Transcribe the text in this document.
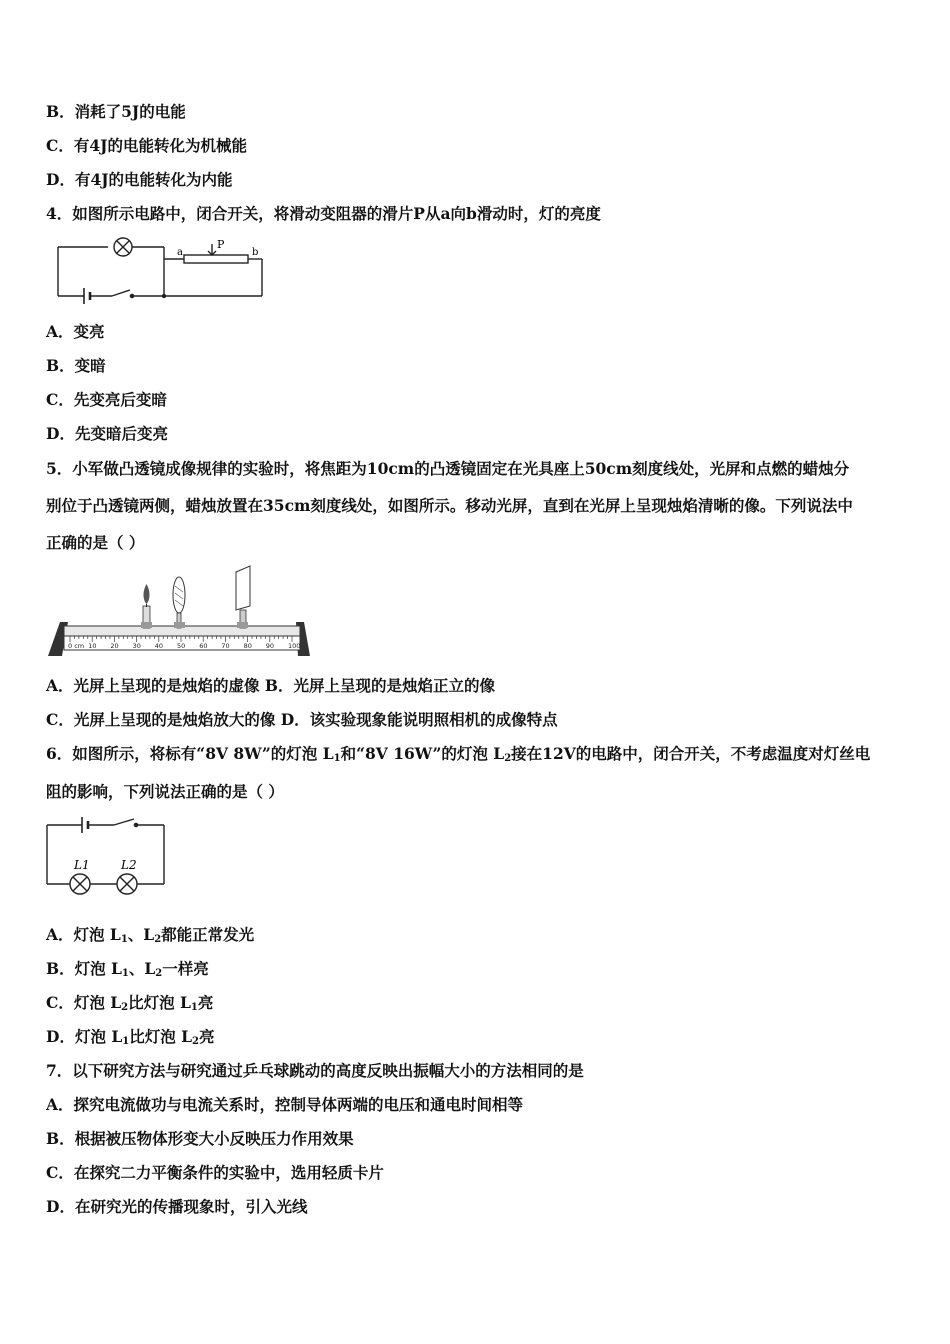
B．消耗了5J的电能
C．有4J的电能转化为机械能
D．有4J的电能转化为内能
4．如图所示电路中，闭合开关，将滑动变阻器的滑片P从a向b滑动时，灯的亮度
a
P
b
A．变亮
B．变暗
C．先变亮后变暗
D．先变暗后变亮
5．小军做凸透镜成像规律的实验时，将焦距为10cm的凸透镜固定在光具座上50cm刻度线处，光屏和点燃的蜡烛分
别位于凸透镜两侧，蜡烛放置在35cm刻度线处，如图所示。移动光屏，直到在光屏上呈现烛焰清晰的像。下列说法中
正确的是（ ）
0 cm 10 20 30 40 50 60 70 80 90 100
A．光屏上呈现的是烛焰的虚像 B．光屏上呈现的是烛焰正立的像
C．光屏上呈现的是烛焰放大的像 D．该实验现象能说明照相机的成像特点
6．如图所示，将标有“8V 8W”的灯泡 $L_1$和“8V 16W”的灯泡 $L_2$接在12V的电路中，闭合开关，不考虑温度对灯丝电
阻的影响，下列说法正确的是（ ）
L1	L2
A．灯泡 $L_1$、$L_2$都能正常发光
B．灯泡 $L_1$、$L_2$一样亮
C．灯泡 $L_2$比灯泡 $L_1$亮
D．灯泡 $L_1$比灯泡 $L_2$亮
7．以下研究方法与研究通过乒乓球跳动的高度反映出振幅大小的方法相同的是
A．探究电流做功与电流关系时，控制导体两端的电压和通电时间相等
B．根据被压物体形变大小反映压力作用效果
C．在探究二力平衡条件的实验中，选用轻质卡片
D．在研究光的传播现象时，引入光线
